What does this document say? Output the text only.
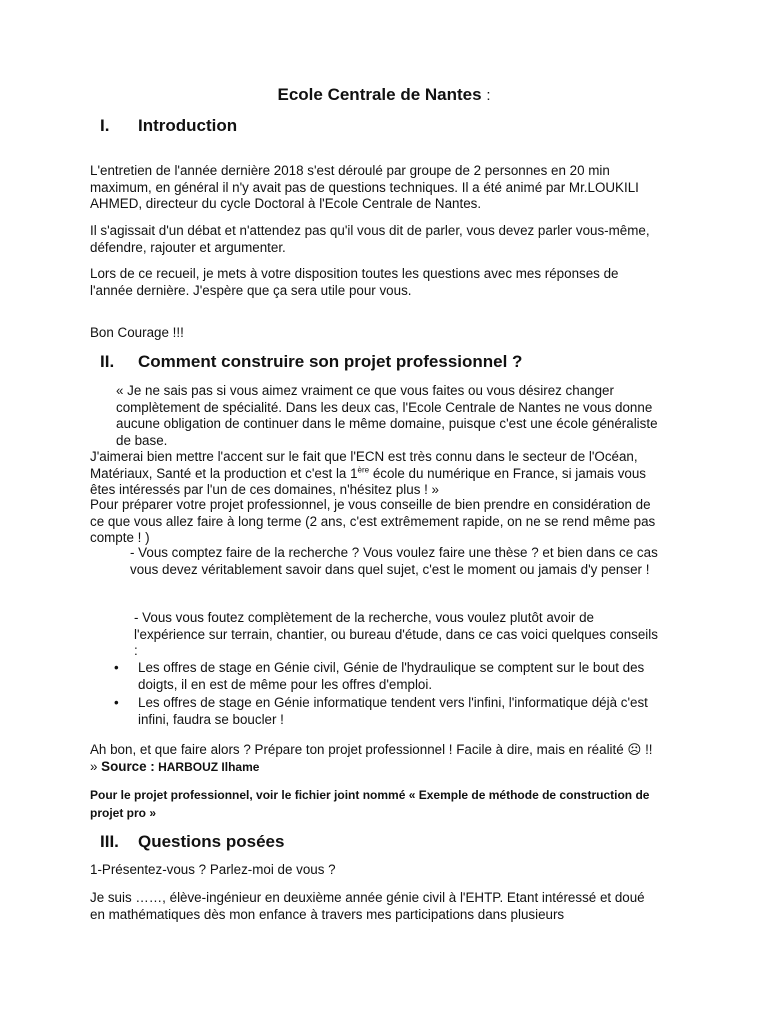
Ecole Centrale de Nantes :
I. Introduction

L'entretien de l'année dernière 2018 s'est déroulé par groupe de 2 personnes en 20 min maximum, en général il n'y avait pas de questions techniques. Il a été animé par Mr.LOUKILI AHMED, directeur du cycle Doctoral à l'Ecole Centrale de Nantes.

Il s'agissait d'un débat et n'attendez pas qu'il vous dit de parler, vous devez parler vous-même, défendre, rajouter et argumenter.

Lors de ce recueil, je mets à votre disposition toutes les questions avec mes réponses de l'année dernière. J'espère que ça sera utile pour vous.

Bon Courage !!!

II. Comment construire son projet professionnel ?

« Je ne sais pas si vous aimez vraiment ce que vous faites ou vous désirez changer complètement de spécialité. Dans les deux cas, l'Ecole Centrale de Nantes ne vous donne aucune obligation de continuer dans le même domaine, puisque c'est une école généraliste de base.

J'aimerai bien mettre l'accent sur le fait que l'ECN est très connu dans le secteur de l'Océan, Matériaux, Santé et la production et c'est la 1ère école du numérique en France, si jamais vous êtes intéressés par l'un de ces domaines, n'hésitez plus ! »

Pour préparer votre projet professionnel, je vous conseille de bien prendre en considération de ce que vous allez faire à long terme (2 ans, c'est extrêmement rapide, on ne se rend même pas compte ! )

- Vous comptez faire de la recherche ? Vous voulez faire une thèse ? et bien dans ce cas vous devez véritablement savoir dans quel sujet, c'est le moment ou jamais d'y penser !

- Vous vous foutez complètement de la recherche, vous voulez plutôt avoir de l'expérience sur terrain, chantier, ou bureau d'étude, dans ce cas voici quelques conseils :

• Les offres de stage en Génie civil, Génie de l'hydraulique se comptent sur le bout des doigts, il en est de même pour les offres d'emploi.
• Les offres de stage en Génie informatique tendent vers l'infini, l'informatique déjà c'est infini, faudra se boucler !

Ah bon, et que faire alors ? Prépare ton projet professionnel ! Facile à dire, mais en réalité ☹ !! » Source : HARBOUZ Ilhame

Pour le projet professionnel, voir le fichier joint nommé « Exemple de méthode de construction de projet pro »
III. Questions posées

1-Présentez-vous ? Parlez-moi de vous ?

Je suis ……, élève-ingénieur en deuxième année génie civil à l'EHTP. Etant intéressé et doué en mathématiques dès mon enfance à travers mes participations dans plusieurs
